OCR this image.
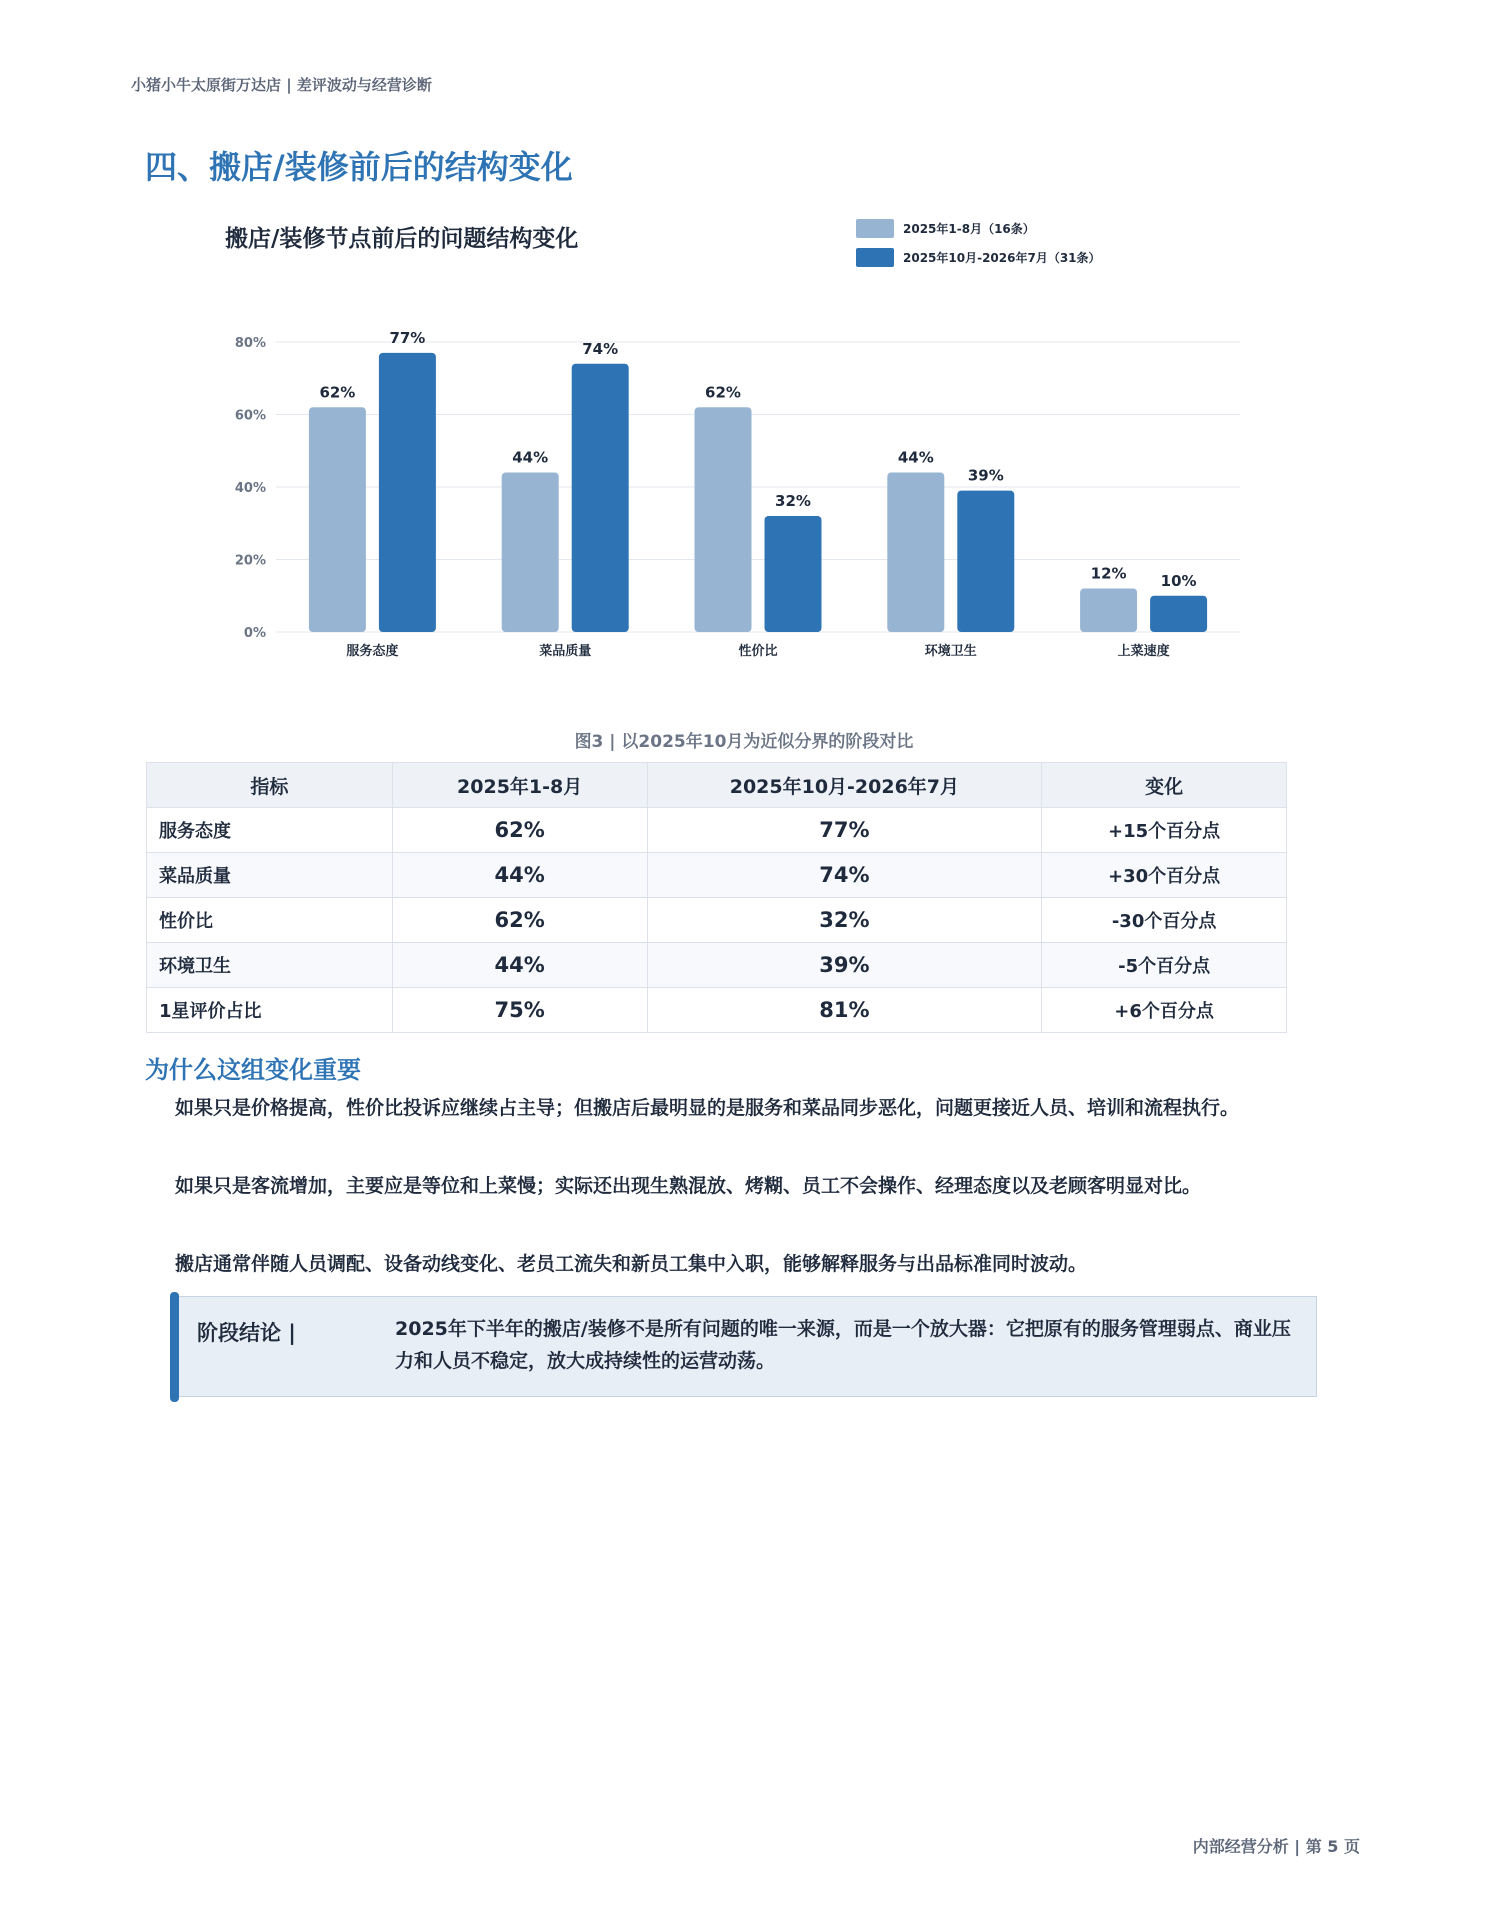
小猪小牛太原街万达店 | 差评波动与经营诊断
四、搬店/装修前后的结构变化
搬店/装修节点前后的问题结构变化	2025年1-8月（16条）
2025年10月-2026年7月（31条）
0%
20%
40%
60%
80%
62%
77%
服务态度
44%
74%
菜品质量
62%
32%
性价比
44%
39%
环境卫生
12% 10%
上菜速度
图3 | 以2025年10月为近似分界的阶段对比
指标	2025年1-8月	2025年10月-2026年7月	变化
服务态度	62%	77%	+15个百分点
菜品质量	44%	74%	+30个百分点
性价比	62%	32%	-30个百分点
环境卫生	44%	39%	-5个百分点
1星评价占比	75%	81%	+6个百分点
为什么这组变化重要

如果只是价格提高，性价比投诉应继续占主导；但搬店后最明显的是服务和菜品同步恶化，问题更接近人员、培训和流程执行。

如果只是客流增加，主要应是等位和上菜慢；实际还出现生熟混放、烤糊、员工不会操作、经理态度以及老顾客明显对比。

搬店通常伴随人员调配、设备动线变化、老员工流失和新员工集中入职，能够解释服务与出品标准同时波动。

阶段结论 |	2025年下半年的搬店/装修不是所有问题的唯一来源，而是一个放大器：它把原有的服务管理弱点、商业压力和人员不稳定，放大成持续性的运营动荡。

内部经营分析 | 第 5 页
